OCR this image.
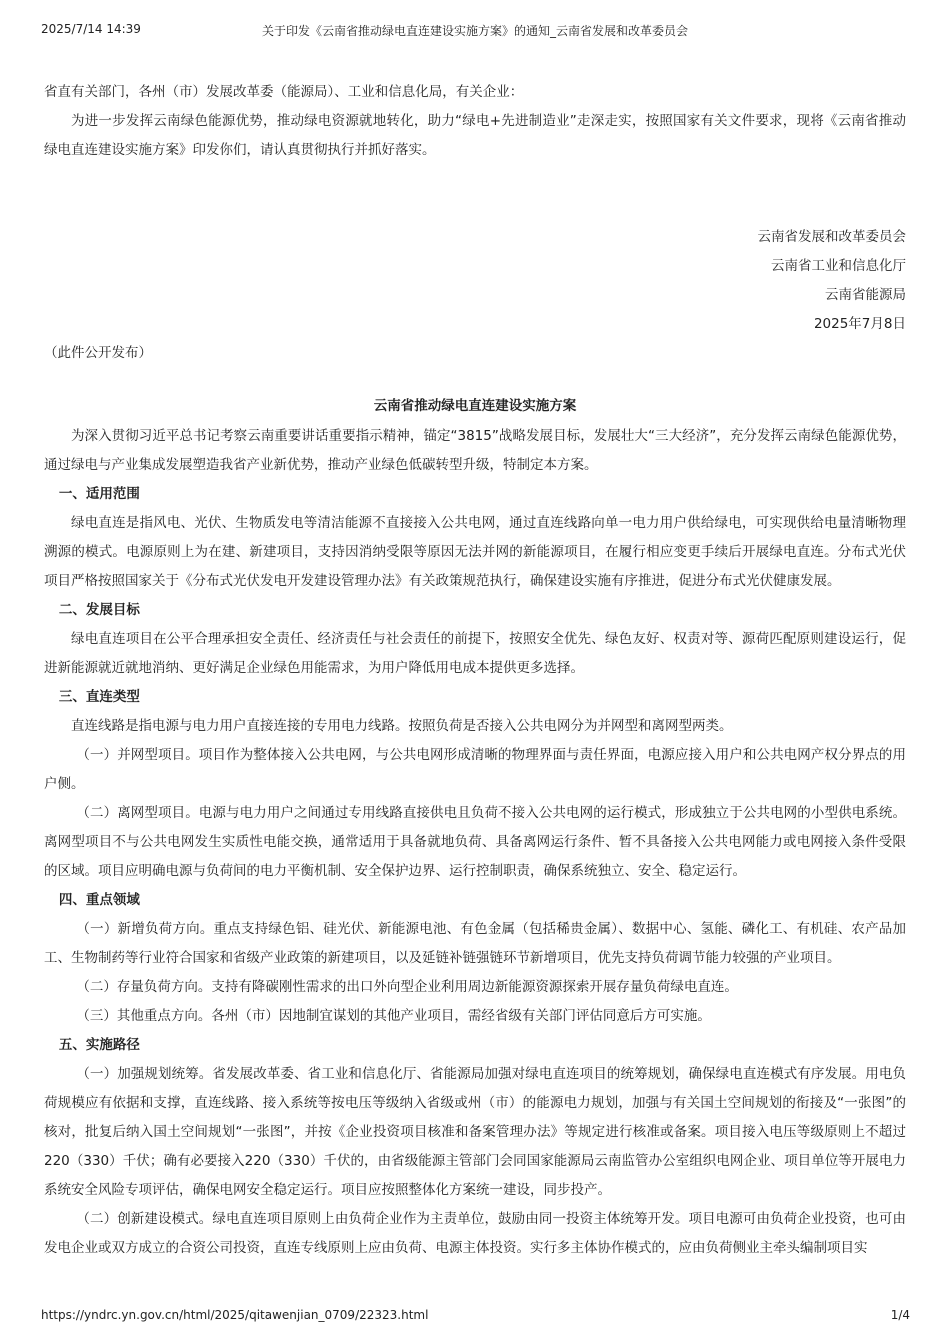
2025/7/14 14:39	关于印发《云南省推动绿电直连建设实施方案》的通知_云南省发展和改革委员会

省直有关部门，各州（市）发展改革委（能源局）、工业和信息化局，有关企业：

为进一步发挥云南绿色能源优势，推动绿电资源就地转化，助力“绿电+先进制造业”走深走实，按照国家有关文件要求，现将《云南省推动绿电直连建设实施方案》印发你们，请认真贯彻执行并抓好落实。

云南省发展和改革委员会

云南省工业和信息化厅

云南省能源局

2025年7月8日

（此件公开发布）

云南省推动绿电直连建设实施方案

为深入贯彻习近平总书记考察云南重要讲话重要指示精神，锚定“3815”战略发展目标，发展壮大“三大经济”，充分发挥云南绿色能源优势，通过绿电与产业集成发展塑造我省产业新优势，推动产业绿色低碳转型升级，特制定本方案。

一、适用范围

绿电直连是指风电、光伏、生物质发电等清洁能源不直接接入公共电网，通过直连线路向单一电力用户供给绿电，可实现供给电量清晰物理溯源的模式。电源原则上为在建、新建项目，支持因消纳受限等原因无法并网的新能源项目，在履行相应变更手续后开展绿电直连。分布式光伏项目严格按照国家关于《分布式光伏发电开发建设管理办法》有关政策规范执行，确保建设实施有序推进，促进分布式光伏健康发展。

二、发展目标

绿电直连项目在公平合理承担安全责任、经济责任与社会责任的前提下，按照安全优先、绿色友好、权责对等、源荷匹配原则建设运行，促进新能源就近就地消纳、更好满足企业绿色用能需求，为用户降低用电成本提供更多选择。

三、直连类型

直连线路是指电源与电力用户直接连接的专用电力线路。按照负荷是否接入公共电网分为并网型和离网型两类。

（一）并网型项目。项目作为整体接入公共电网，与公共电网形成清晰的物理界面与责任界面，电源应接入用户和公共电网产权分界点的用户侧。

（二）离网型项目。电源与电力用户之间通过专用线路直接供电且负荷不接入公共电网的运行模式，形成独立于公共电网的小型供电系统。离网型项目不与公共电网发生实质性电能交换，通常适用于具备就地负荷、具备离网运行条件、暂不具备接入公共电网能力或电网接入条件受限的区域。项目应明确电源与负荷间的电力平衡机制、安全保护边界、运行控制职责，确保系统独立、安全、稳定运行。

四、重点领域

（一）新增负荷方向。重点支持绿色铝、硅光伏、新能源电池、有色金属（包括稀贵金属）、数据中心、氢能、磷化工、有机硅、农产品加工、生物制药等行业符合国家和省级产业政策的新建项目，以及延链补链强链环节新增项目，优先支持负荷调节能力较强的产业项目。

（二）存量负荷方向。支持有降碳刚性需求的出口外向型企业利用周边新能源资源探索开展存量负荷绿电直连。

（三）其他重点方向。各州（市）因地制宜谋划的其他产业项目，需经省级有关部门评估同意后方可实施。

五、实施路径

（一）加强规划统筹。省发展改革委、省工业和信息化厅、省能源局加强对绿电直连项目的统筹规划，确保绿电直连模式有序发展。用电负荷规模应有依据和支撑，直连线路、接入系统等按电压等级纳入省级或州（市）的能源电力规划，加强与有关国土空间规划的衔接及“一张图”的核对，批复后纳入国土空间规划“一张图”，并按《企业投资项目核准和备案管理办法》等规定进行核准或备案。项目接入电压等级原则上不超过220（330）千伏；确有必要接入220（330）千伏的，由省级能源主管部门会同国家能源局云南监管办公室组织电网企业、项目单位等开展电力系统安全风险专项评估，确保电网安全稳定运行。项目应按照整体化方案统一建设，同步投产。

（二）创新建设模式。绿电直连项目原则上由负荷企业作为主责单位，鼓励由同一投资主体统筹开发。项目电源可由负荷企业投资，也可由发电企业或双方成立的合资公司投资，直连专线原则上应由负荷、电源主体投资。实行多主体协作模式的，应由负荷侧业主牵头编制项目实

https://yndrc.yn.gov.cn/html/2025/qitawenjian_0709/22323.html	1/4
